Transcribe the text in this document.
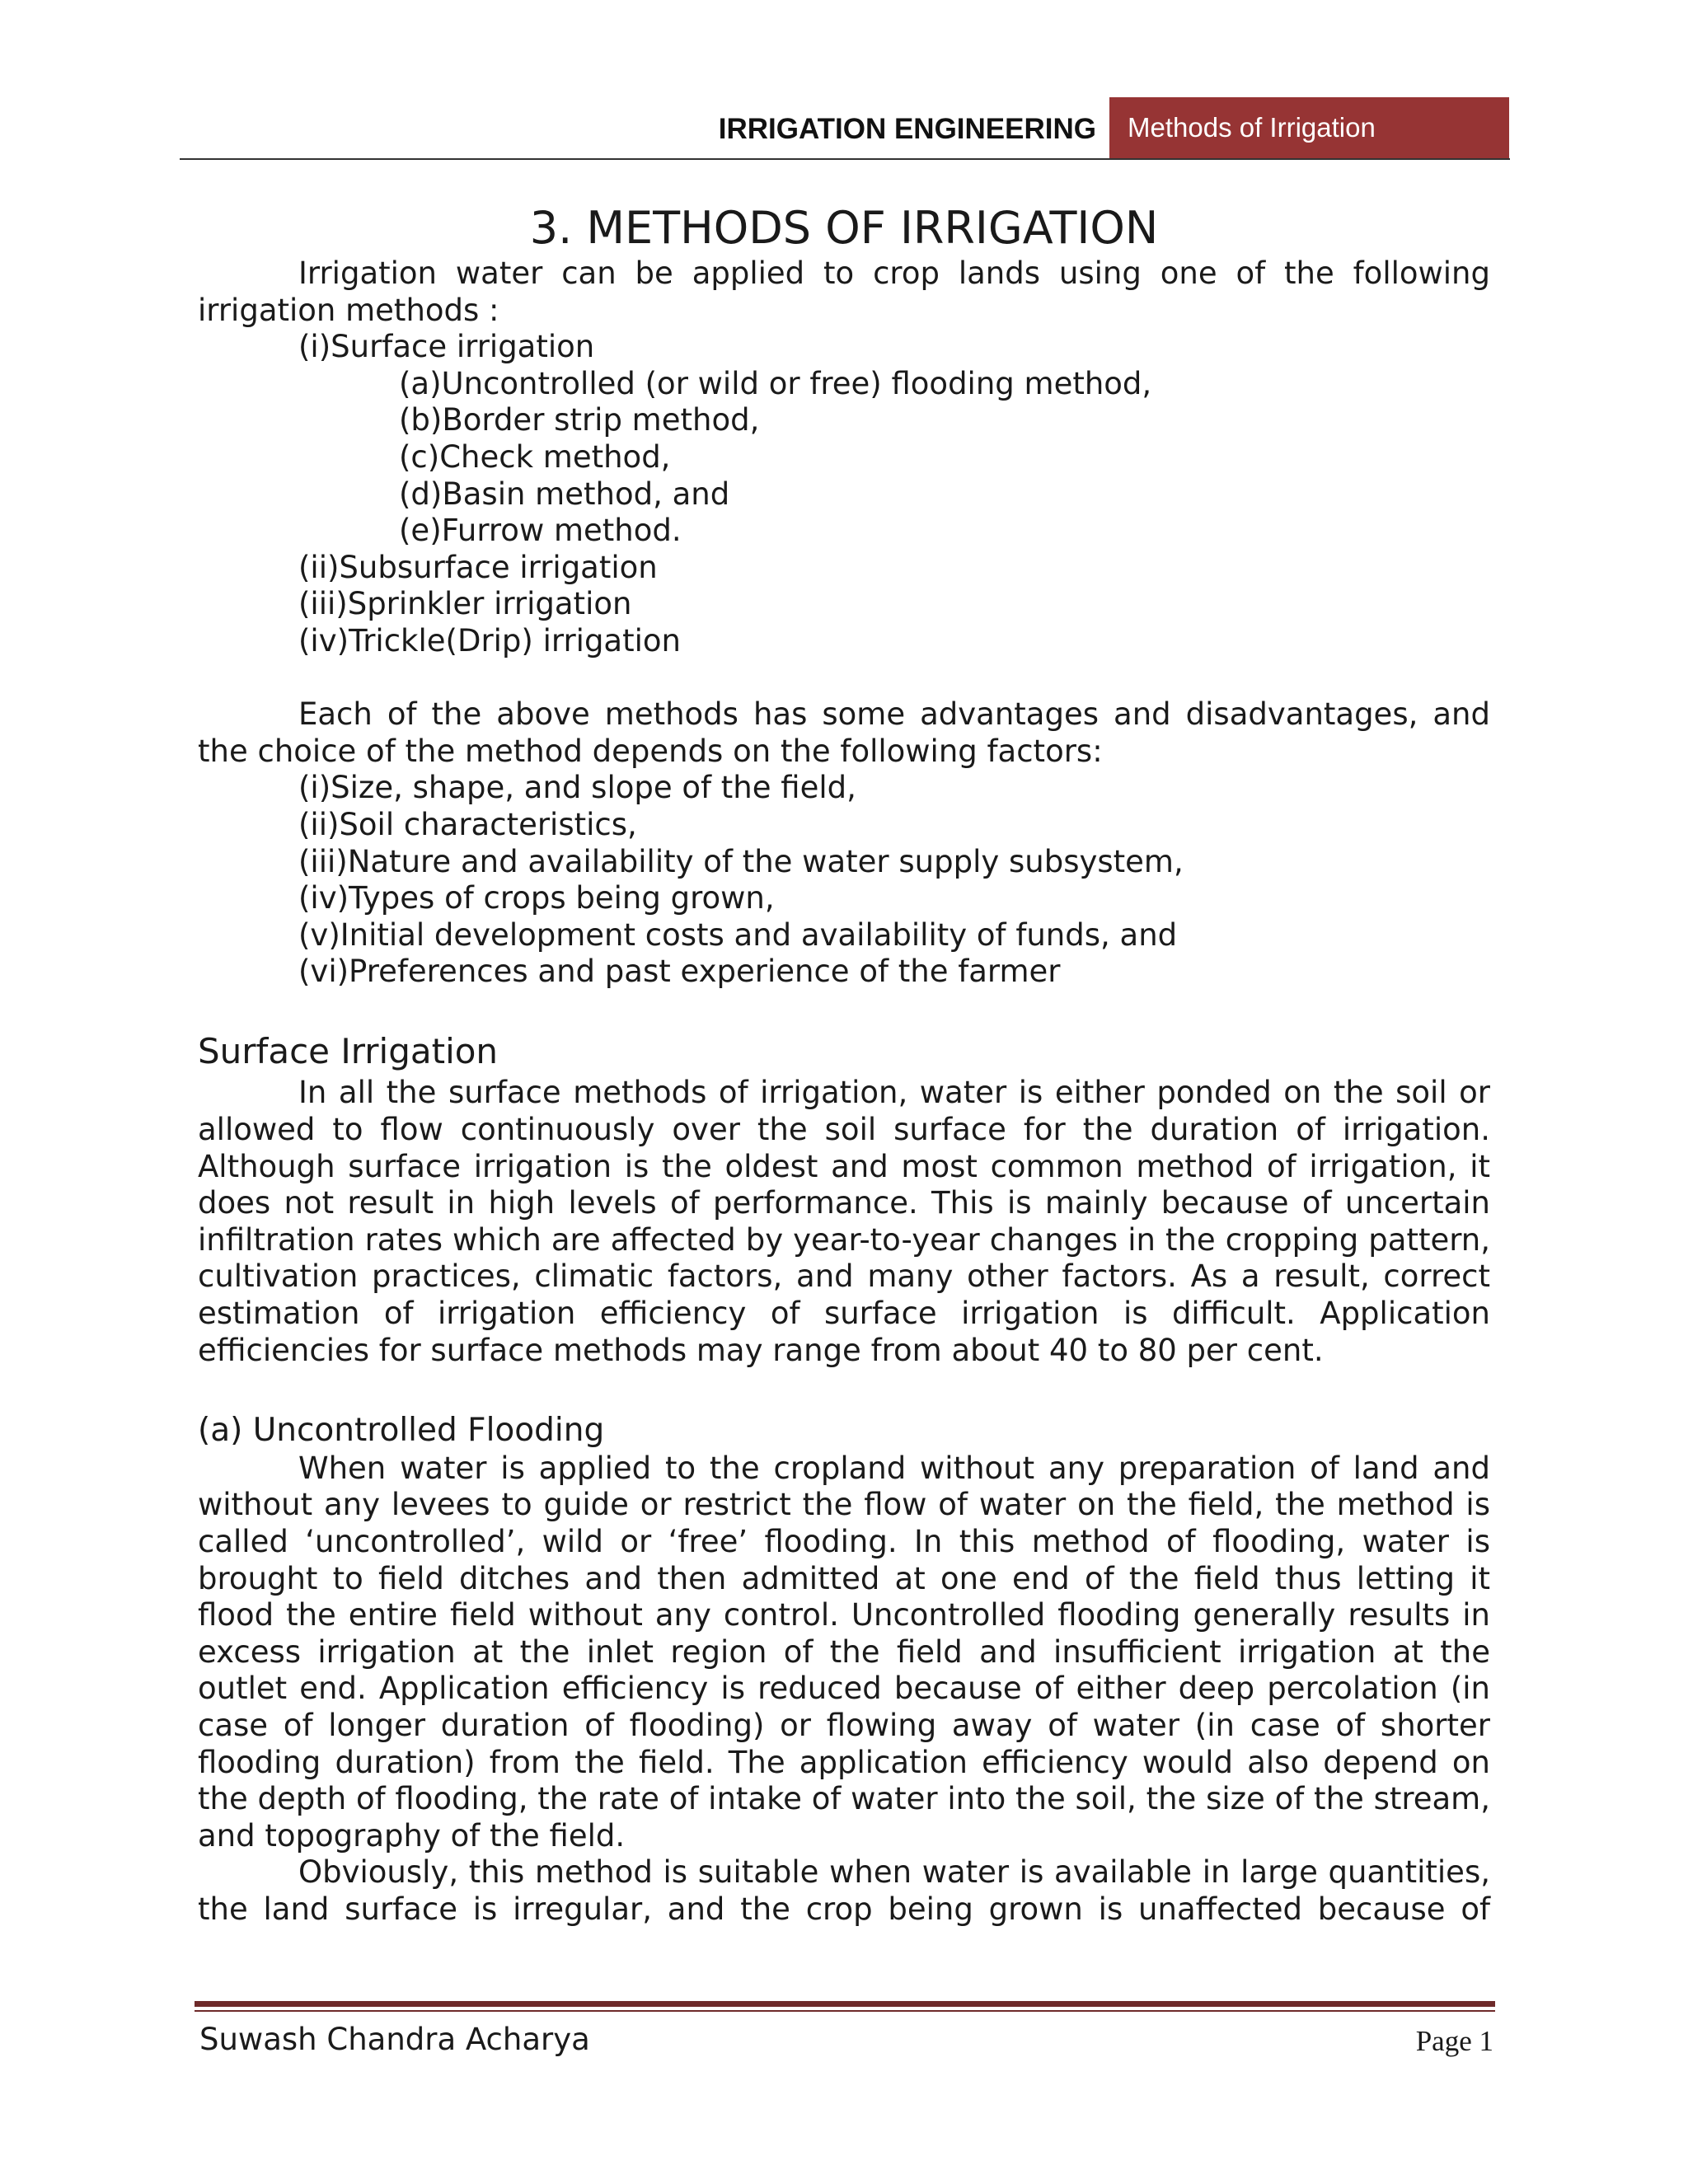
IRRIGATION ENGINEERING	Methods of Irrigation
3. METHODS OF IRRIGATION

Irrigation water can be applied to crop lands using one of the following irrigation methods :

(i)Surface irrigation
(a)Uncontrolled (or wild or free) flooding method,
(b)Border strip method,
(c)Check method,
(d)Basin method, and
(e)Furrow method.
(ii)Subsurface irrigation
(iii)Sprinkler irrigation
(iv)Trickle(Drip) irrigation

Each of the above methods has some advantages and disadvantages, and the choice of the method depends on the following factors:

(i)Size, shape, and slope of the field,
(ii)Soil characteristics,
(iii)Nature and availability of the water supply subsystem,
(iv)Types of crops being grown,
(v)Initial development costs and availability of funds, and
(vi)Preferences and past experience of the farmer
Surface Irrigation

In all the surface methods of irrigation, water is either ponded on the soil or allowed to flow continuously over the soil surface for the duration of irrigation. Although surface irrigation is the oldest and most common method of irrigation, it does not result in high levels of performance. This is mainly because of uncertain infiltration rates which are affected by year-to-year changes in the cropping pattern, cultivation practices, climatic factors, and many other factors. As a result, correct estimation of irrigation efficiency of surface irrigation is difficult. Application efficiencies for surface methods may range from about 40 to 80 per cent.

(a) Uncontrolled Flooding

When water is applied to the cropland without any preparation of land and without any levees to guide or restrict the flow of water on the field, the method is called ‘uncontrolled’, wild or ‘free’ flooding. In this method of flooding, water is brought to field ditches and then admitted at one end of the field thus letting it flood the entire field without any control. Uncontrolled flooding generally results in excess irrigation at the inlet region of the field and insufficient irrigation at the outlet end. Application efficiency is reduced because of either deep percolation (in case of longer duration of flooding) or flowing away of water (in case of shorter flooding duration) from the field. The application efficiency would also depend on the depth of flooding, the rate of intake of water into the soil, the size of the stream, and topography of the field.

Obviously, this method is suitable when water is available in large quantities, the land surface is irregular, and the crop being grown is unaffected because of

Suwash Chandra Acharya	Page 1
